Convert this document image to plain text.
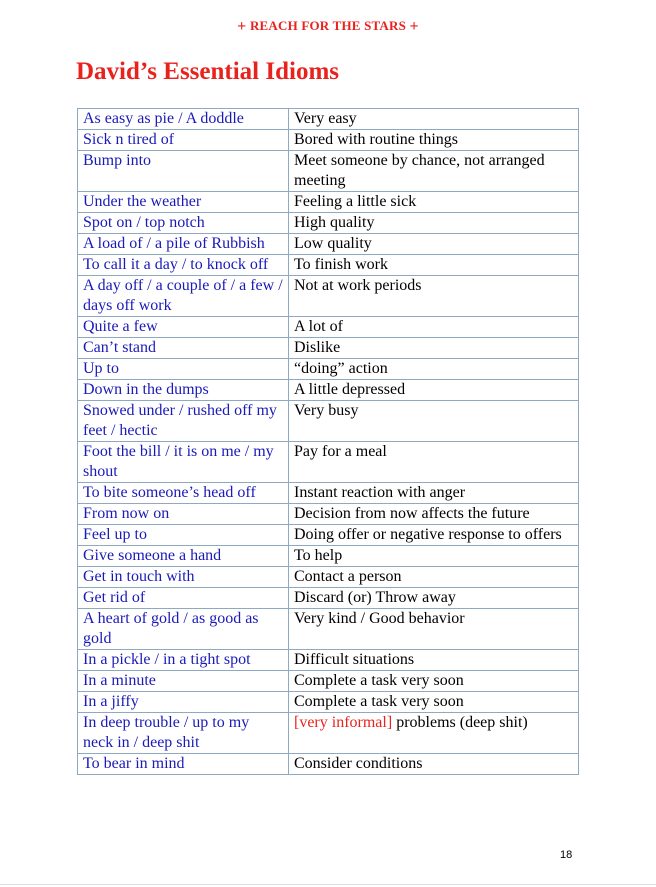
+ REACH FOR THE STARS +
David’s Essential Idioms
As easy as pie / A doddle	Very easy
Sick n tired of	Bored with routine things
Bump into	Meet someone by chance, not arranged meeting
Under the weather	Feeling a little sick
Spot on / top notch	High quality
A load of / a pile of Rubbish	Low quality
To call it a day / to knock off	To finish work
A day off / a couple of / a few / days off work	Not at work periods
Quite a few	A lot of
Can’t stand	Dislike
Up to	“doing” action
Down in the dumps	A little depressed
Snowed under / rushed off my feet / hectic	Very busy
Foot the bill / it is on me / my shout	Pay for a meal
To bite someone’s head off	Instant reaction with anger
From now on	Decision from now affects the future
Feel up to	Doing offer or negative response to offers
Give someone a hand	To help
Get in touch with	Contact a person
Get rid of	Discard (or) Throw away
A heart of gold / as good as gold	Very kind / Good behavior
In a pickle / in a tight spot	Difficult situations
In a minute	Complete a task very soon
In a jiffy	Complete a task very soon
In deep trouble / up to my neck in / deep shit	[very informal] problems (deep shit)
To bear in mind	Consider conditions
18
